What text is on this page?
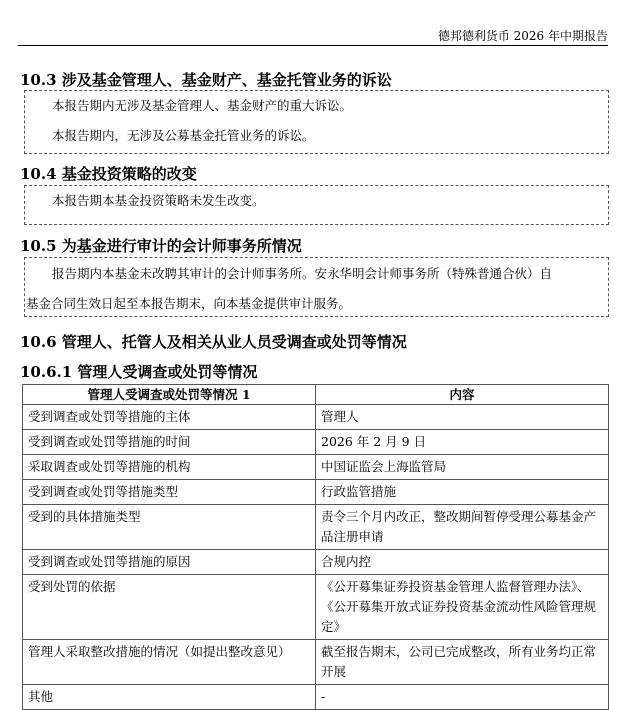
德邦德利货币 2026 年中期报告
10.3 涉及基金管理人、基金财产、基金托管业务的诉讼
本报告期内无涉及基金管理人、基金财产的重大诉讼。
本报告期内，无涉及公募基金托管业务的诉讼。
10.4 基金投资策略的改变
本报告期本基金投资策略未发生改变。
10.5 为基金进行审计的会计师事务所情况
报告期内本基金未改聘其审计的会计师事务所。安永华明会计师事务所（特殊普通合伙）自
基金合同生效日起至本报告期末，向本基金提供审计服务。
10.6 管理人、托管人及相关从业人员受调查或处罚等情况
10.6.1 管理人受调查或处罚等情况
管理人受调查或处罚等情况 1	内容
受到调查或处罚等措施的主体	管理人
受到调查或处罚等措施的时间	2026 年 2 月 9 日
采取调查或处罚等措施的机构	中国证监会上海监管局
受到调查或处罚等措施类型	行政监管措施
受到的具体措施类型	责令三个月内改正，整改期间暂停受理公募基金产品注册申请
受到调查或处罚等措施的原因	合规内控
受到处罚的依据	《公开募集证券投资基金管理人监督管理办法》、《公开募集开放式证券投资基金流动性风险管理规定》
管理人采取整改措施的情况（如提出整改意见）	截至报告期末，公司已完成整改，所有业务均正常开展
其他	-
